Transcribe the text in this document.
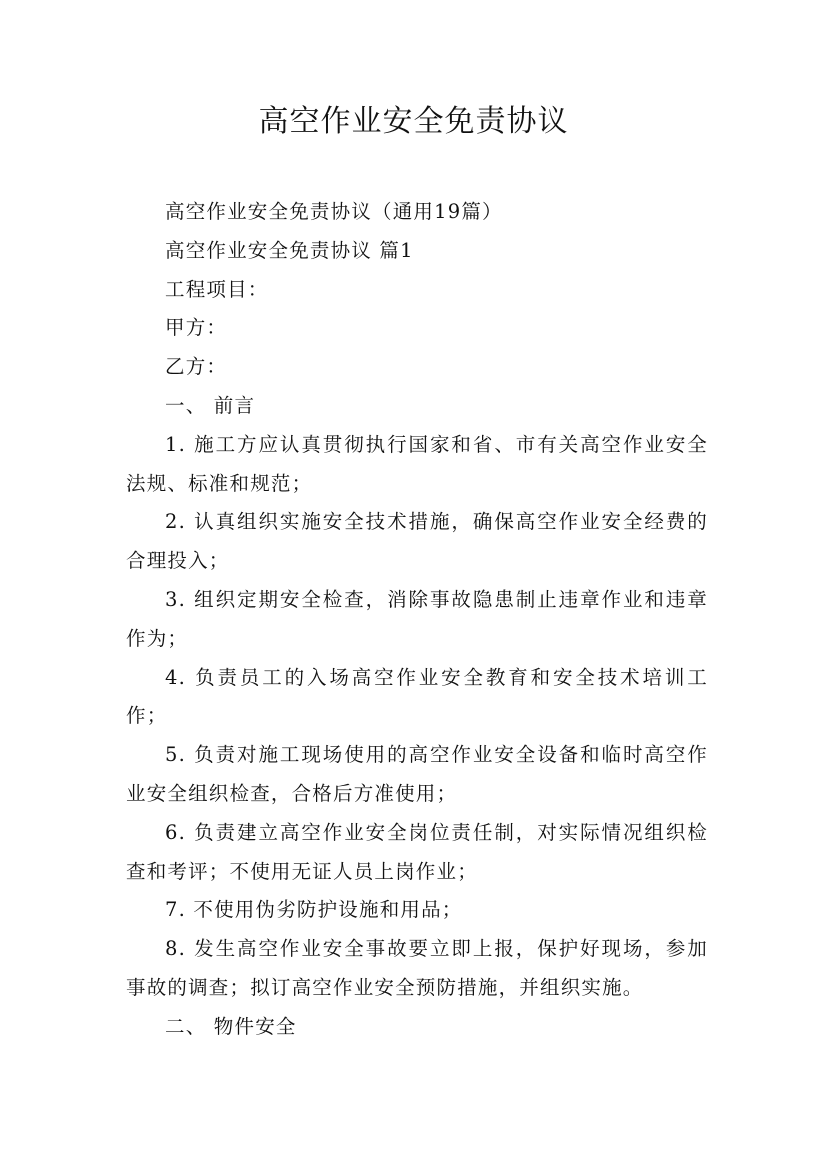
高空作业安全免责协议

高空作业安全免责协议（通用19篇）

高空作业安全免责协议 篇1

工程项目：

甲方：

乙方：

一、 前言

1. 施工方应认真贯彻执行国家和省、市有关高空作业安全法规、标准和规范；

2. 认真组织实施安全技术措施，确保高空作业安全经费的合理投入；

3. 组织定期安全检查，消除事故隐患制止违章作业和违章作为；

4. 负责员工的入场高空作业安全教育和安全技术培训工作；

5. 负责对施工现场使用的高空作业安全设备和临时高空作业安全组织检查，合格后方准使用；

6. 负责建立高空作业安全岗位责任制，对实际情况组织检查和考评；不使用无证人员上岗作业；

7. 不使用伪劣防护设施和用品；

8. 发生高空作业安全事故要立即上报，保护好现场，参加事故的调查；拟订高空作业安全预防措施，并组织实施。

二、 物件安全
